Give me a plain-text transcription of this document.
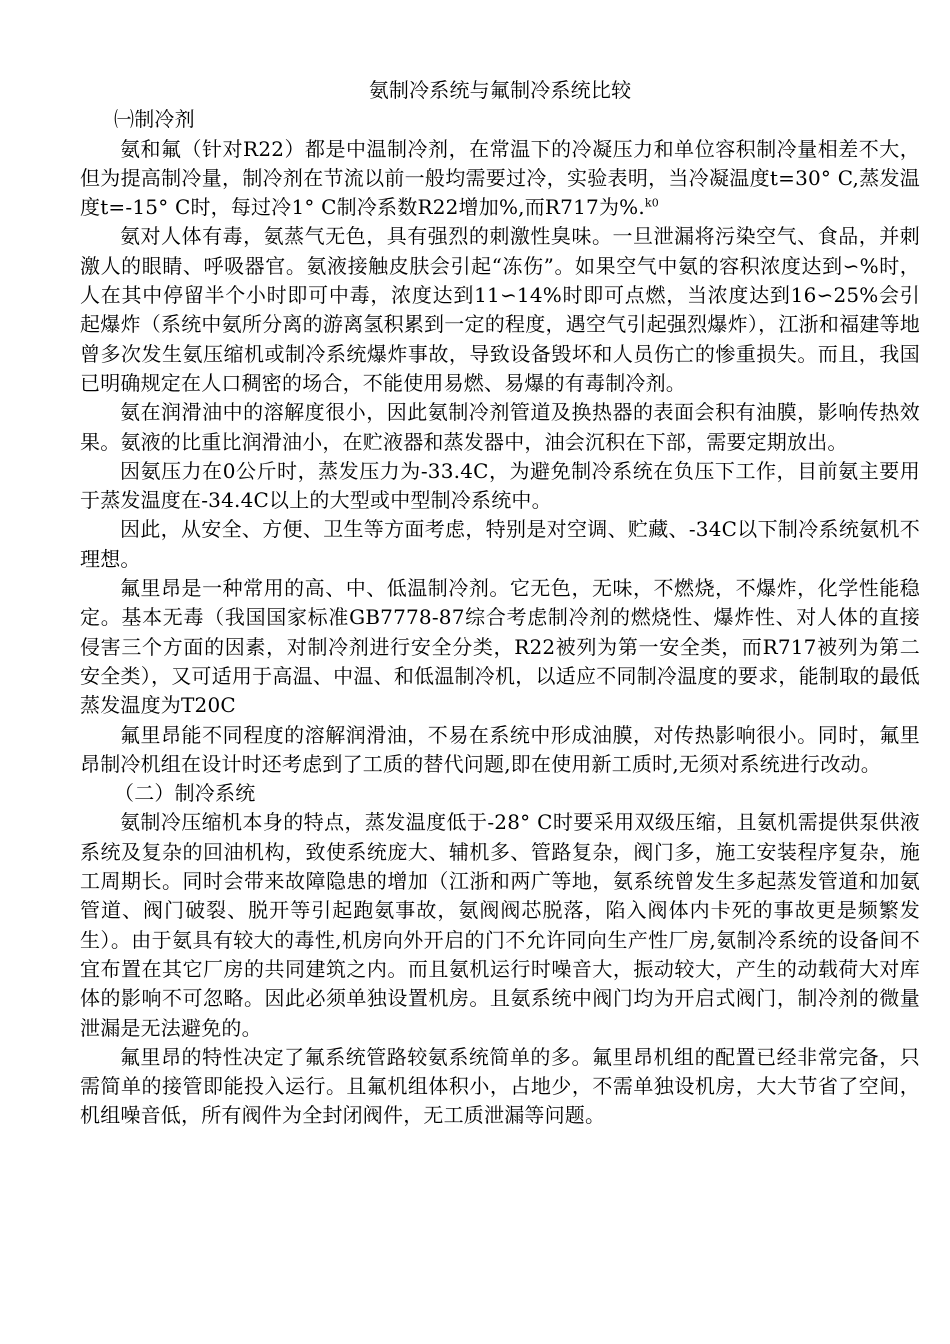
氨制冷系统与氟制冷系统比较
㈠制冷剂

氨和氟（针对R22）都是中温制冷剂，在常温下的冷凝压力和单位容积制冷量相差不大，但为提高制冷量，制冷剂在节流以前一般均需要过冷，实验表明，当冷凝温度t=30° C,蒸发温度t=-15° C时，每过冷1° C制冷系数R22增加%,而R717为%.$^{k0}$

氨对人体有毒，氨蒸气无色，具有强烈的刺激性臭味。一旦泄漏将污染空气、食品，并刺激人的眼睛、呼吸器官。氨液接触皮肤会引起“冻伤”。如果空气中氨的容积浓度达到∽%时，人在其中停留半个小时即可中毒，浓度达到11∽14%时即可点燃，当浓度达到16∽25%会引起爆炸（系统中氨所分离的游离氢积累到一定的程度，遇空气引起强烈爆炸），江浙和福建等地曾多次发生氨压缩机或制冷系统爆炸事故，导致设备毁坏和人员伤亡的惨重损失。而且，我国已明确规定在人口稠密的场合，不能使用易燃、易爆的有毒制冷剂。

氨在润滑油中的溶解度很小，因此氨制冷剂管道及换热器的表面会积有油膜，影响传热效果。氨液的比重比润滑油小，在贮液器和蒸发器中，油会沉积在下部，需要定期放出。

因氨压力在0公斤时，蒸发压力为-33.4C，为避免制冷系统在负压下工作，目前氨主要用于蒸发温度在-34.4C以上的大型或中型制冷系统中。

因此，从安全、方便、卫生等方面考虑，特别是对空调、贮藏、-34C以下制冷系统氨机不理想。

氟里昂是一种常用的高、中、低温制冷剂。它无色，无味，不燃烧，不爆炸，化学性能稳定。基本无毒（我国国家标准GB7778-87综合考虑制冷剂的燃烧性、爆炸性、对人体的直接侵害三个方面的因素，对制冷剂进行安全分类，R22被列为第一安全类，而R717被列为第二安全类），又可适用于高温、中温、和低温制冷机，以适应不同制冷温度的要求，能制取的最低蒸发温度为T20C

氟里昂能不同程度的溶解润滑油，不易在系统中形成油膜，对传热影响很小。同时，氟里昂制冷机组在设计时还考虑到了工质的替代问题,即在使用新工质时,无须对系统进行改动。

（二）制冷系统

氨制冷压缩机本身的特点，蒸发温度低于-28° C时要采用双级压缩，且氨机需提供泵供液系统及复杂的回油机构，致使系统庞大、辅机多、管路复杂，阀门多，施工安装程序复杂，施工周期长。同时会带来故障隐患的增加（江浙和两广等地，氨系统曾发生多起蒸发管道和加氨管道、阀门破裂、脱开等引起跑氨事故，氨阀阀芯脱落，陷入阀体内卡死的事故更是频繁发生）。由于氨具有较大的毒性,机房向外开启的门不允许同向生产性厂房,氨制冷系统的设备间不宜布置在其它厂房的共同建筑之内。而且氨机运行时噪音大，振动较大，产生的动载荷大对库体的影响不可忽略。因此必须单独设置机房。且氨系统中阀门均为开启式阀门，制冷剂的微量泄漏是无法避免的。

氟里昂的特性决定了氟系统管路较氨系统简单的多。氟里昂机组的配置已经非常完备，只需简单的接管即能投入运行。且氟机组体积小，占地少，不需单独设机房，大大节省了空间，机组噪音低，所有阀件为全封闭阀件，无工质泄漏等问题。
